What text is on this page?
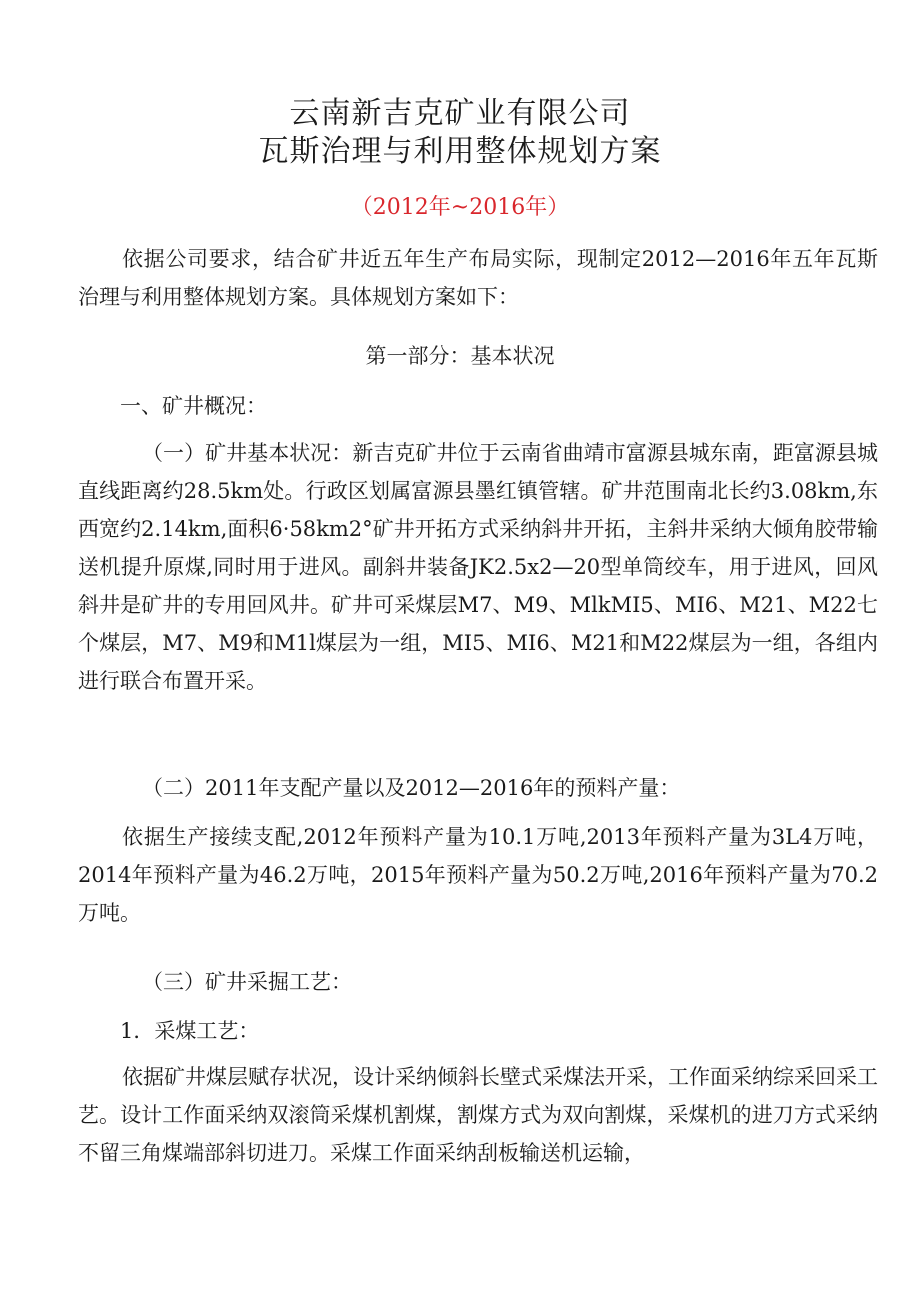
云南新吉克矿业有限公司
瓦斯治理与利用整体规划方案
（2012年~2016年）

依据公司要求，结合矿井近五年生产布局实际，现制定2012—2016年五年瓦斯治理与利用整体规划方案。具体规划方案如下：

第一部分：基本状况
一、矿井概况：

（一）矿井基本状况：新吉克矿井位于云南省曲靖市富源县城东南，距富源县城直线距离约28.5km处。行政区划属富源县墨红镇管辖。矿井范围南北长约3.08km,东西宽约2.14km,面积6·58km2°矿井开拓方式采纳斜井开拓，主斜井采纳大倾角胶带输送机提升原煤,同时用于进风。副斜井装备JK2.5x2—20型单筒绞车，用于进风，回风斜井是矿井的专用回风井。矿井可采煤层M7、M9、MlkMI5、MI6、M21、M22七个煤层，M7、M9和M1l煤层为一组，MI5、MI6、M21和M22煤层为一组，各组内进行联合布置开采。

（二）2011年支配产量以及2012—2016年的预料产量：

依据生产接续支配,2012年预料产量为10.1万吨,2013年预料产量为3L4万吨，2014年预料产量为46.2万吨，2015年预料产量为50.2万吨,2016年预料产量为70.2万吨。

（三）矿井采掘工艺：
1．采煤工艺：

依据矿井煤层赋存状况，设计采纳倾斜长壁式采煤法开采，工作面采纳综采回采工艺。设计工作面采纳双滚筒采煤机割煤，割煤方式为双向割煤，采煤机的进刀方式采纳不留三角煤端部斜切进刀。采煤工作面采纳刮板输送机运输，
